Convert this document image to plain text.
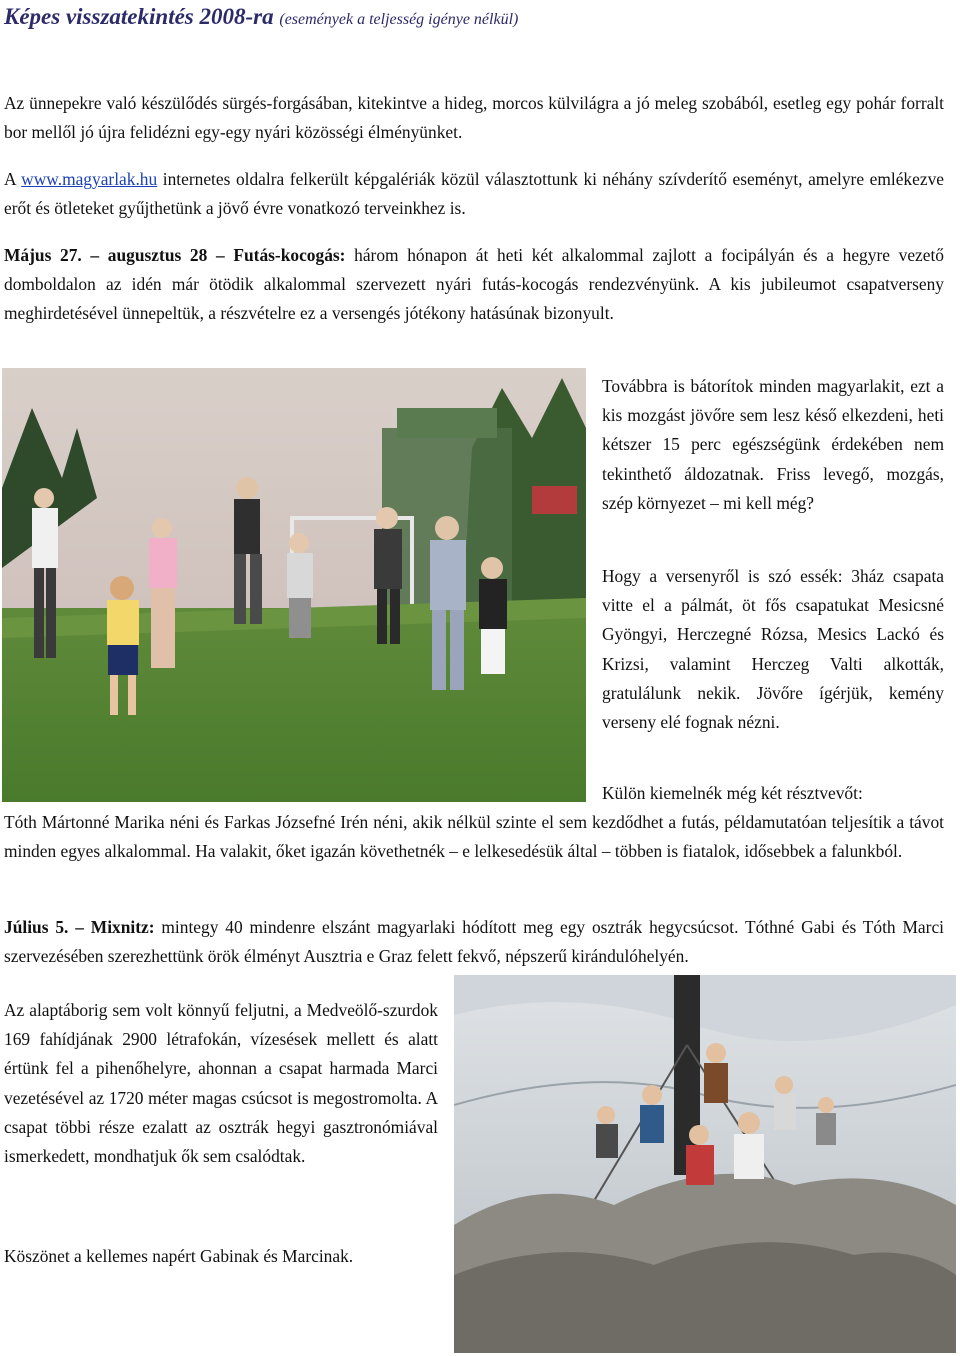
Képes visszatekintés 2008-ra (események a teljesség igénye nélkül)

Az ünnepekre való készülődés sürgés-forgásában, kitekintve a hideg, morcos külvilágra a jó meleg szobából, esetleg egy pohár forralt bor mellől jó újra felidézni egy-egy nyári közösségi élményünket.

A www.magyarlak.hu internetes oldalra felkerült képgalériák közül választottunk ki néhány szívderítő eseményt, amelyre emlékezve erőt és ötleteket gyűjthetünk a jövő évre vonatkozó terveinkhez is.

Május 27. – augusztus 28 – Futás-kocogás: három hónapon át heti két alkalommal zajlott a focipályán és a hegyre vezető domboldalon az idén már ötödik alkalommal szervezett nyári futás-kocogás rendezvényünk. A kis jubileumot csapatverseny meghirdetésével ünnepeltük, a részvételre ez a versengés jótékony hatásúnak bizonyult.

Továbbra is bátorítok minden magyarlakit, ezt a kis mozgást jövőre sem lesz késő elkezdeni, heti kétszer 15 perc egészségünk érdekében nem tekinthető áldozatnak. Friss levegő, mozgás, szép környezet – mi kell még?

Hogy a versenyről is szó essék: 3ház csapata vitte el a pálmát, öt fős csapatukat Mesicsné Gyöngyi, Herczegné Rózsa, Mesics Lackó és Krizsi, valamint Herczeg Valti alkották, gratulálunk nekik. Jövőre ígérjük, kemény verseny elé fognak nézni.

Külön kiemelnék még két résztvevőt:

Tóth Mártonné Marika néni és Farkas Józsefné Irén néni, akik nélkül szinte el sem kezdődhet a futás, példamutatóan teljesítik a távot minden egyes alkalommal. Ha valakit, őket igazán követhetnék – e lelkesedésük által – többen is fiatalok, idősebbek a falunkból.

Július 5. – Mixnitz: mintegy 40 mindenre elszánt magyarlaki hódított meg egy osztrák hegycsúcsot. Tóthné Gabi és Tóth Marci szervezésében szerezhettünk örök élményt Ausztria e Graz felett fekvő, népszerű kirándulóhelyén.

Az alaptáborig sem volt könnyű feljutni, a Medveölő-szurdok 169 fahídjának 2900 létrafokán, vízesések mellett és alatt értünk fel a pihenőhelyre, ahonnan a csapat harmada Marci vezetésével az 1720 méter magas csúcsot is megostromolta. A csapat többi része ezalatt az osztrák hegyi gasztronómiával ismerkedett, mondhatjuk ők sem csalódtak.

Köszönet a kellemes napért Gabinak és Marcinak.
